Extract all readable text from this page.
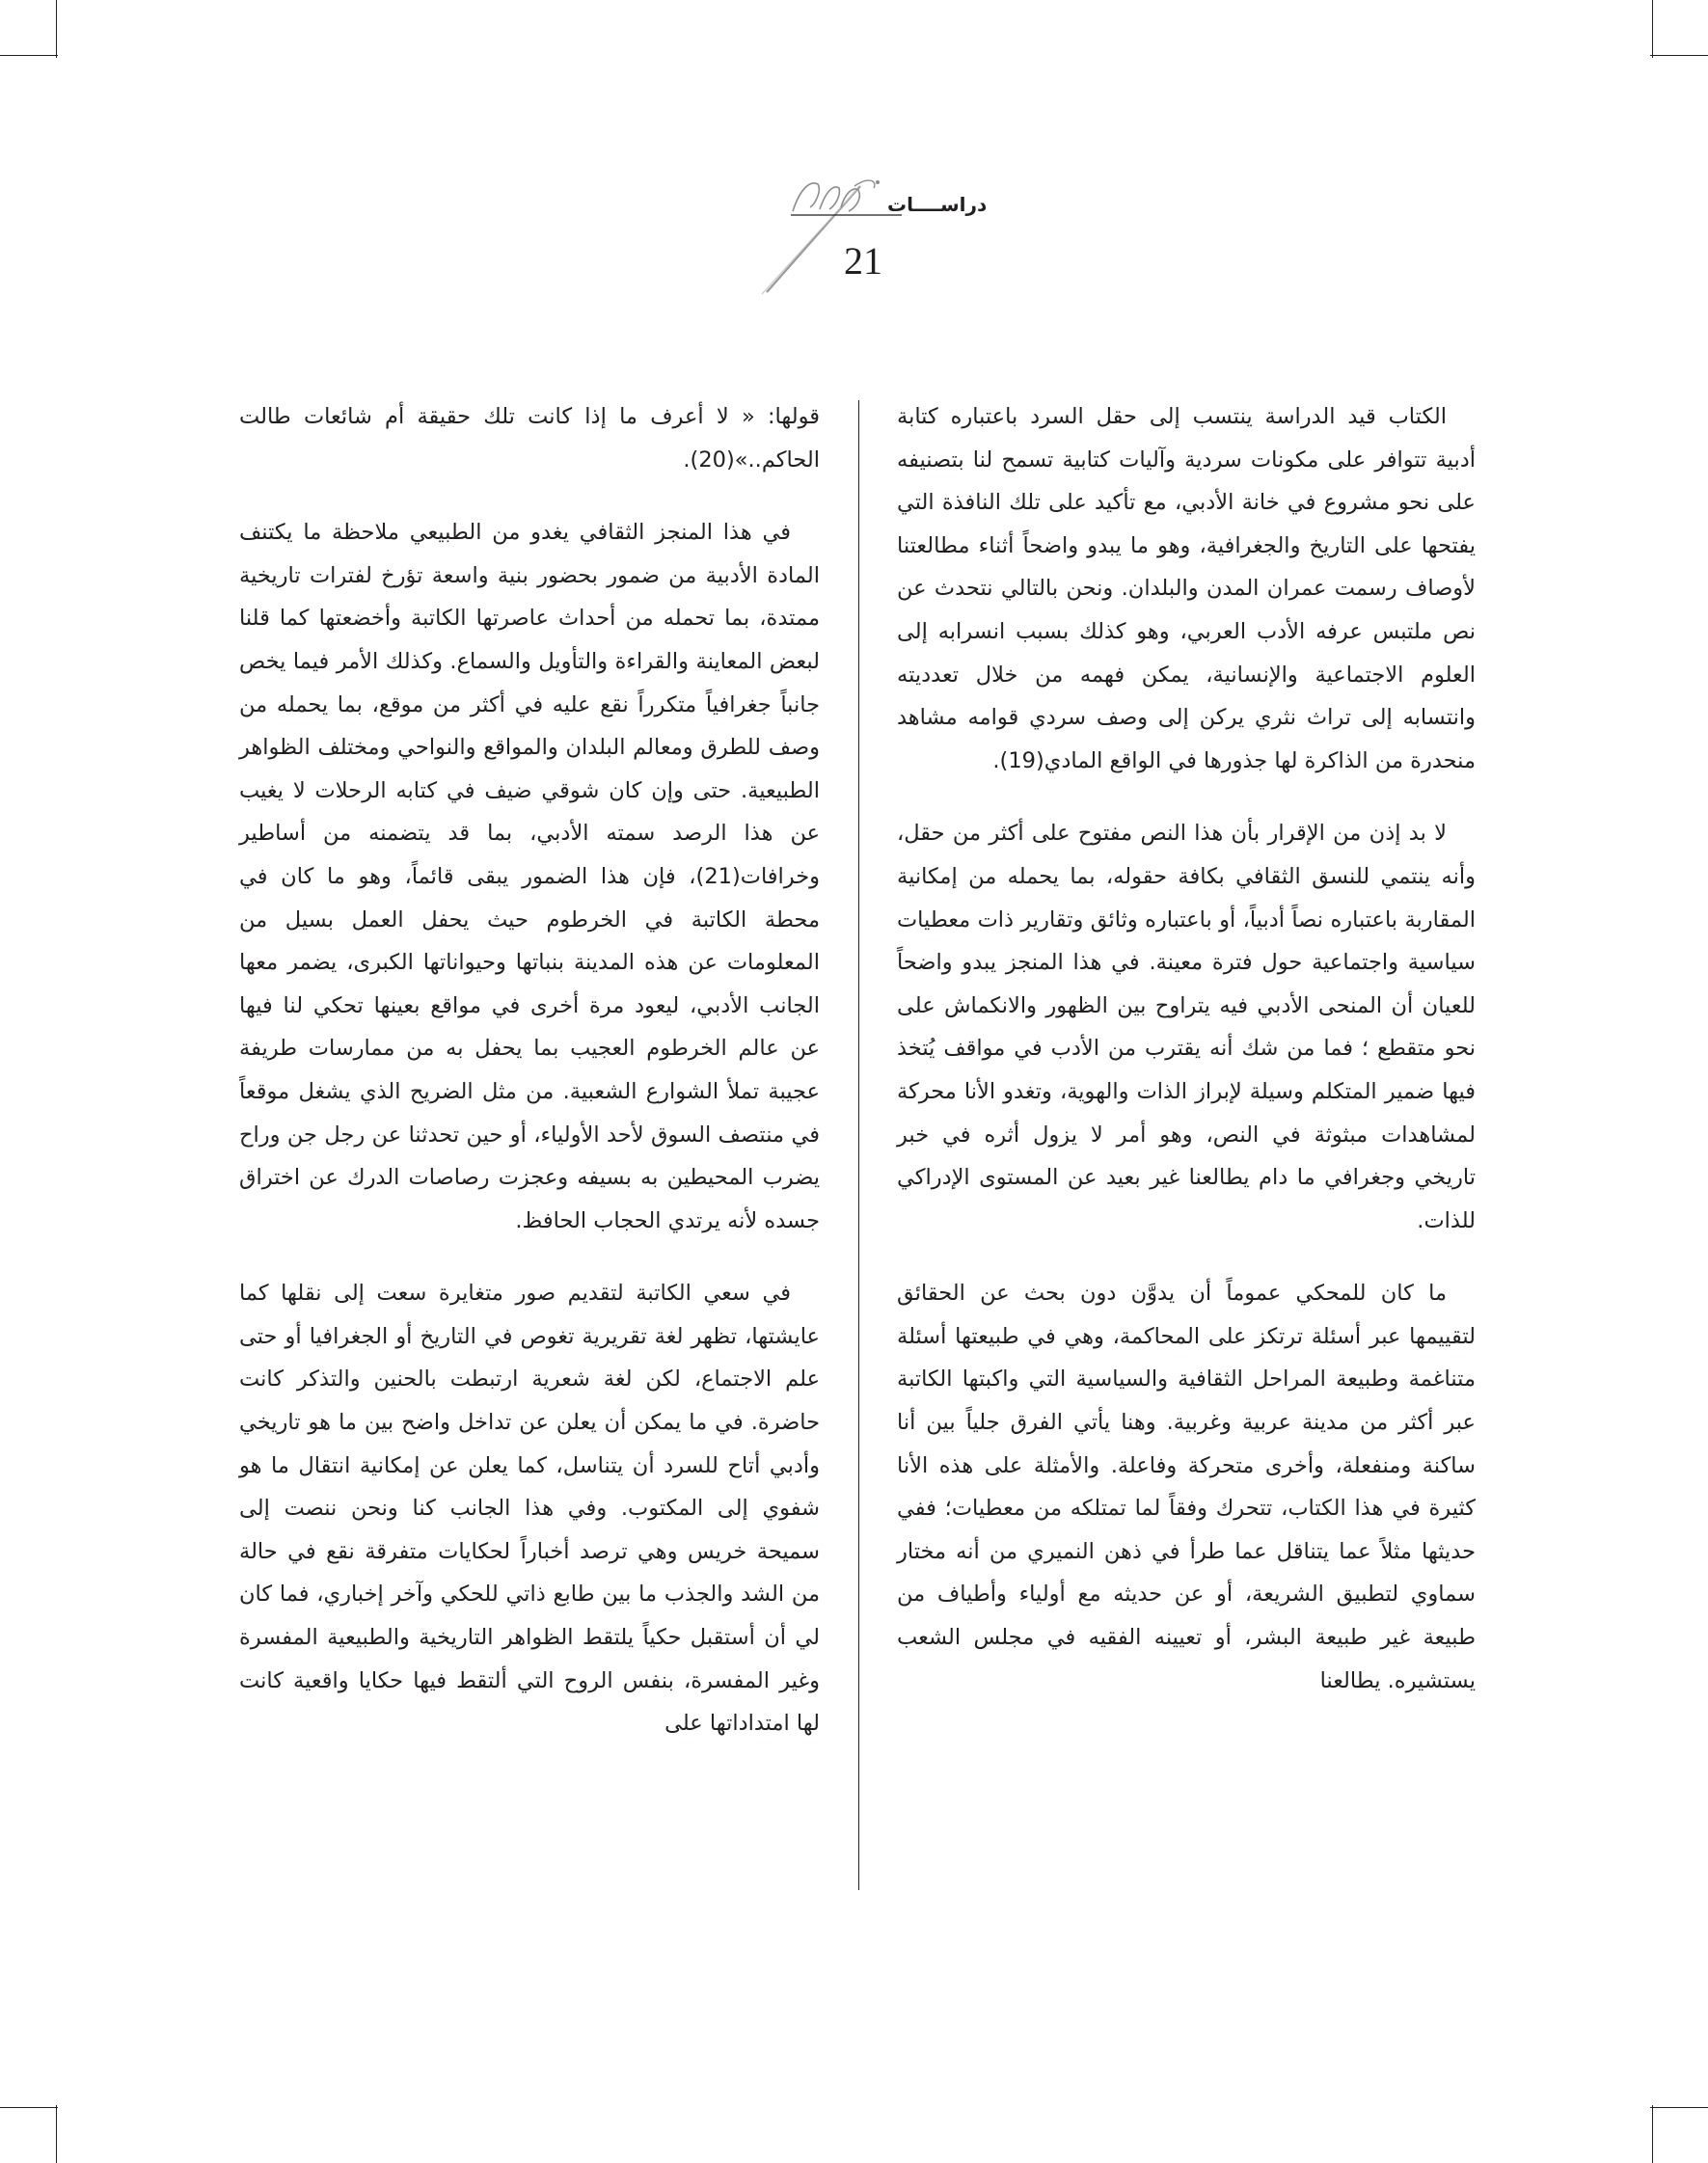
دراســــات
21

الكتاب قيد الدراسة ينتسب إلى حقل السرد باعتباره كتابة أدبية تتوافر على مكونات سردية وآليات كتابية تسمح لنا بتصنيفه على نحو مشروع في خانة الأدبي، مع تأكيد على تلك النافذة التي يفتحها على التاريخ والجغرافية، وهو ما يبدو واضحاً أثناء مطالعتنا لأوصاف رسمت عمران المدن والبلدان. ونحن بالتالي نتحدث عن نص ملتبس عرفه الأدب العربي، وهو كذلك بسبب انسرابه إلى العلوم الاجتماعية والإنسانية، يمكن فهمه من خلال تعدديته وانتسابه إلى تراث نثري يركن إلى وصف سردي قوامه مشاهد منحدرة من الذاكرة لها جذورها في الواقع المادي(19).

لا بد إذن من الإقرار بأن هذا النص مفتوح على أكثر من حقل، وأنه ينتمي للنسق الثقافي بكافة حقوله، بما يحمله من إمكانية المقاربة باعتباره نصاً أدبياً، أو باعتباره وثائق وتقارير ذات معطيات سياسية واجتماعية حول فترة معينة. في هذا المنجز يبدو واضحاً للعيان أن المنحى الأدبي فيه يتراوح بين الظهور والانكماش على نحو متقطع ؛ فما من شك أنه يقترب من الأدب في مواقف يُتخذ فيها ضمير المتكلم وسيلة لإبراز الذات والهوية، وتغدو الأنا محركة لمشاهدات مبثوثة في النص، وهو أمر لا يزول أثره في خبر تاريخي وجغرافي ما دام يطالعنا غير بعيد عن المستوى الإدراكي للذات.

ما كان للمحكي عموماً أن يدوَّن دون بحث عن الحقائق لتقييمها عبر أسئلة ترتكز على المحاكمة، وهي في طبيعتها أسئلة متناغمة وطبيعة المراحل الثقافية والسياسية التي واكبتها الكاتبة عبر أكثر من مدينة عربية وغربية. وهنا يأتي الفرق جلياً بين أنا ساكنة ومنفعلة، وأخرى متحركة وفاعلة. والأمثلة على هذه الأنا كثيرة في هذا الكتاب، تتحرك وفقاً لما تمتلكه من معطيات؛ ففي حديثها مثلاً عما يتناقل عما طرأ في ذهن النميري من أنه مختار سماوي لتطبيق الشريعة، أو عن حديثه مع أولياء وأطياف من طبيعة غير طبيعة البشر، أو تعيينه الفقيه في مجلس الشعب يستشيره. يطالعنا

قولها: « لا أعرف ما إذا كانت تلك حقيقة أم شائعات طالت الحاكم..»(20).

في هذا المنجز الثقافي يغدو من الطبيعي ملاحظة ما يكتنف المادة الأدبية من ضمور بحضور بنية واسعة تؤرخ لفترات تاريخية ممتدة، بما تحمله من أحداث عاصرتها الكاتبة وأخضعتها كما قلنا لبعض المعاينة والقراءة والتأويل والسماع. وكذلك الأمر فيما يخص جانباً جغرافياً متكرراً نقع عليه في أكثر من موقع، بما يحمله من وصف للطرق ومعالم البلدان والمواقع والنواحي ومختلف الظواهر الطبيعية. حتى وإن كان شوقي ضيف في كتابه الرحلات لا يغيب عن هذا الرصد سمته الأدبي، بما قد يتضمنه من أساطير وخرافات(21)، فإن هذا الضمور يبقى قائماً، وهو ما كان في محطة الكاتبة في الخرطوم حيث يحفل العمل بسيل من المعلومات عن هذه المدينة بنباتها وحيواناتها الكبرى، يضمر معها الجانب الأدبي، ليعود مرة أخرى في مواقع بعينها تحكي لنا فيها عن عالم الخرطوم العجيب بما يحفل به من ممارسات طريفة عجيبة تملأ الشوارع الشعبية. من مثل الضريح الذي يشغل موقعاً في منتصف السوق لأحد الأولياء، أو حين تحدثنا عن رجل جن وراح يضرب المحيطين به بسيفه وعجزت رصاصات الدرك عن اختراق جسده لأنه يرتدي الحجاب الحافظ.

في سعي الكاتبة لتقديم صور متغايرة سعت إلى نقلها كما عايشتها، تظهر لغة تقريرية تغوص في التاريخ أو الجغرافيا أو حتى علم الاجتماع، لكن لغة شعرية ارتبطت بالحنين والتذكر كانت حاضرة. في ما يمكن أن يعلن عن تداخل واضح بين ما هو تاريخي وأدبي أتاح للسرد أن يتناسل، كما يعلن عن إمكانية انتقال ما هو شفوي إلى المكتوب. وفي هذا الجانب كنا ونحن ننصت إلى سميحة خريس وهي ترصد أخباراً لحكايات متفرقة نقع في حالة من الشد والجذب ما بين طابع ذاتي للحكي وآخر إخباري، فما كان لي أن أستقبل حكياً يلتقط الظواهر التاريخية والطبيعية المفسرة وغير المفسرة، بنفس الروح التي ألتقط فيها حكايا واقعية كانت لها امتداداتها على
